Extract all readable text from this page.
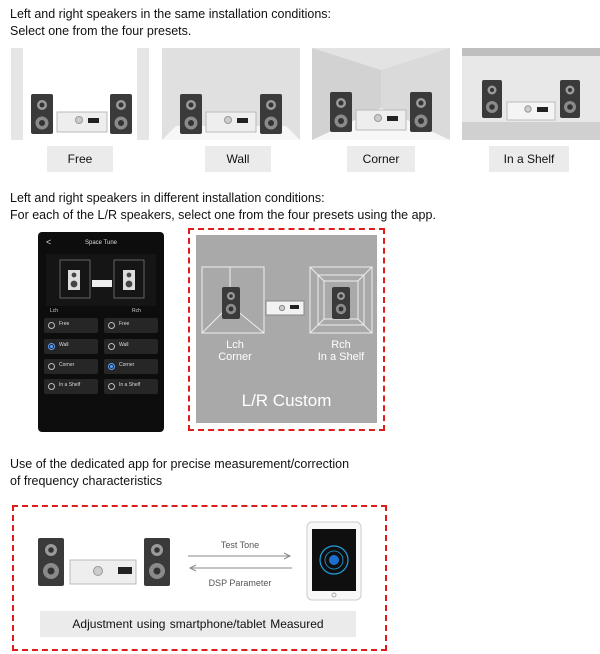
Left and right speakers in the same installation conditions:
Select one from the four presets.
Free	Wall	Corner	In a Shelf
Left and right speakers in different installation conditions:
For each of the L/R speakers, select one from the four presets using the app.
<	Space Tune
Lch	Rch
Free
Wall
Corner
In a Shelf
Free
Wall
Corner
In a Shelf
Lch
Corner
Rch
In a Shelf
L/R Custom
Use of the dedicated app for precise measurement/correction
of frequency characteristics
Test Tone
DSP Parameter
Adjustment using smartphone/tablet Measured
